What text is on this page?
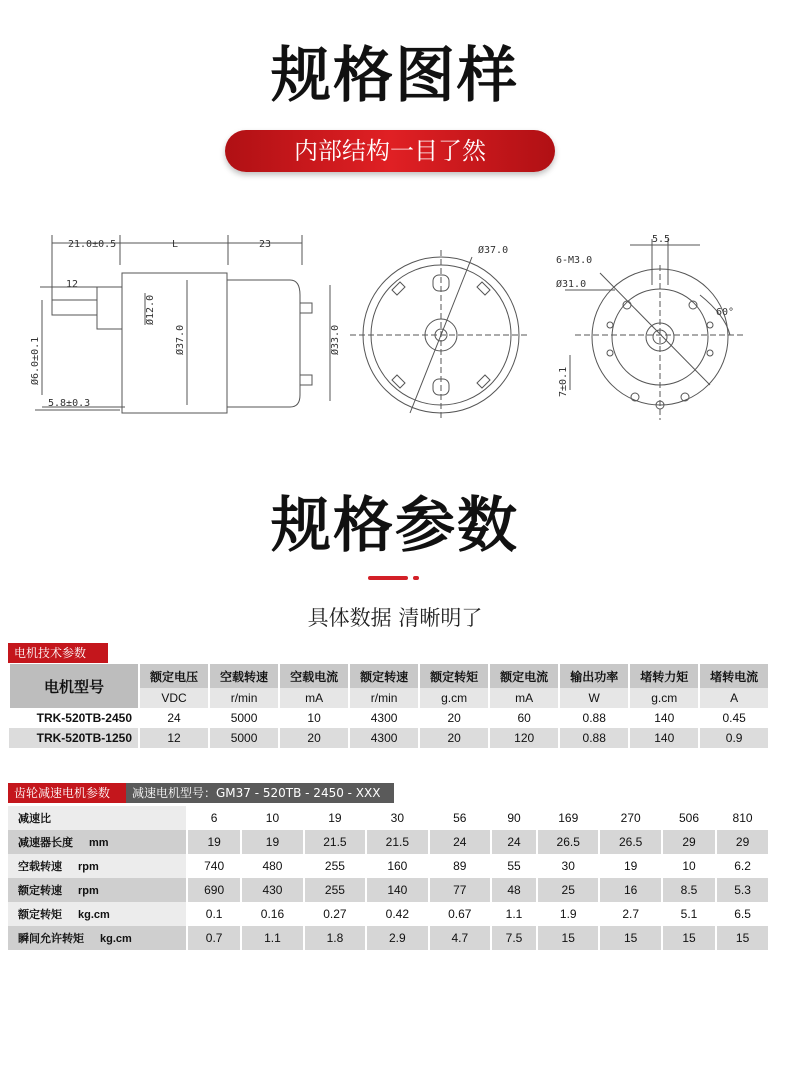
规格图样
内部结构一目了然
21.0±0.5	L	23
12
Ø12.0
Ø37.0	Ø33.0
Ø6.0±0.1
5.8±0.3
Ø37.0
5.5
6-M3.0
Ø31.0
60°
7±0.1
规格参数
具体数据 清晰明了
电机技术参数
电机型号	额定电压	空载转速	空载电流	额定转速	额定转矩	额定电流	输出功率	堵转力矩	堵转电流
	VDC	r/min	mA	r/min	g.cm	mA	W	g.cm	A
TRK-520TB-2450	24	5000	10	4300	20	60	0.88	140	0.45
TRK-520TB-1250	12	5000	20	4300	20	120	0.88	140	0.9
齿轮减速电机参数	减速电机型号：GM37 - 520TB - 2450 - XXX
减速比	6	10	19	30	56	90	169	270	506	810
减速器长度 mm	19	19	21.5	21.5	24	24	26.5	26.5	29	29
空载转速 rpm	740	480	255	160	89	55	30	19	10	6.2
额定转速 rpm	690	430	255	140	77	48	25	16	8.5	5.3
额定转矩 kg.cm	0.1	0.16	0.27	0.42	0.67	1.1	1.9	2.7	5.1	6.5
瞬间允许转矩 kg.cm	0.7	1.1	1.8	2.9	4.7	7.5	15	15	15	15
